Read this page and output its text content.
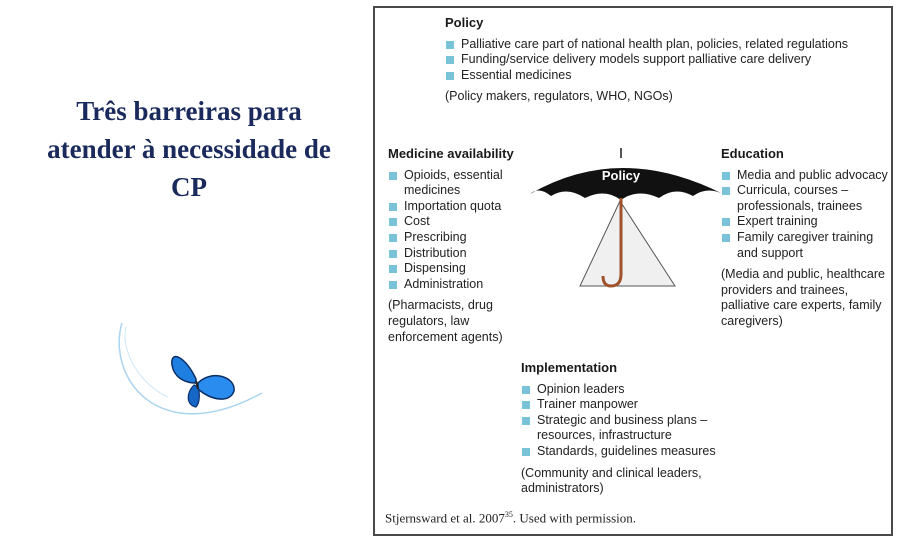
Três barreiras para atender à necessidade de CP
Policy
Palliative care part of national health plan, policies, related regulations
Funding/service delivery models support palliative care delivery
Essential medicines
(Policy makers, regulators, WHO, NGOs)
Medicine availability
Opioids, essential medicines
Importation quota
Cost
Prescribing
Distribution
Dispensing
Administration
(Pharmacists, drug regulators, law enforcement agents)
Policy
Education
Media and public advocacy
Curricula, courses – professionals, trainees
Expert training
Family caregiver training and support
(Media and public, healthcare providers and trainees, palliative care experts, family caregivers)
Implementation
Opinion leaders
Trainer manpower
Strategic and business plans – resources, infrastructure
Standards, guidelines measures
(Community and clinical leaders, administrators)
Stjernsward et al. 2007$^{35}$. Used with permission.
